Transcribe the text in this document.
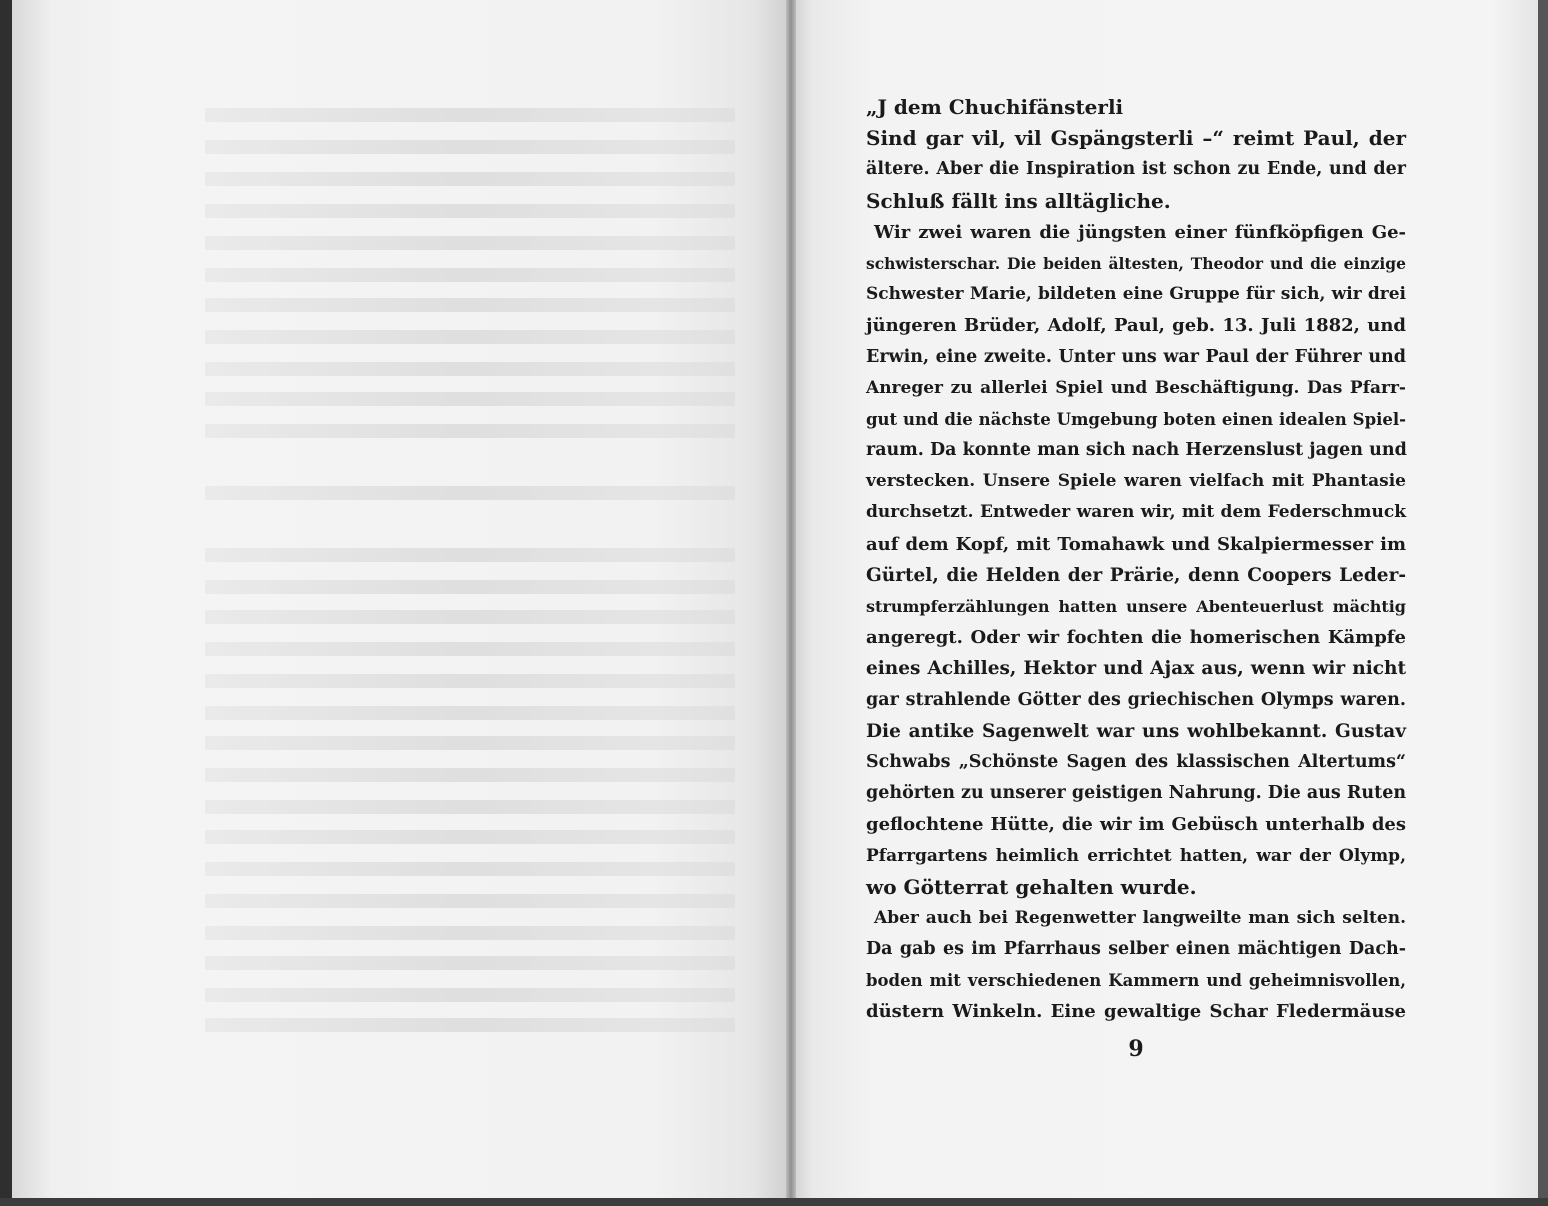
„J dem Chuchifänsterli
Sind gar vil, vil Gspängsterli –“ reimt Paul, der
ältere. Aber die Inspiration ist schon zu Ende, und der
Schluß fällt ins alltägliche.
Wir zwei waren die jüngsten einer fünfköpfigen Ge-
schwisterschar. Die beiden ältesten, Theodor und die einzige
Schwester Marie, bildeten eine Gruppe für sich, wir drei
jüngeren Brüder, Adolf, Paul, geb. 13. Juli 1882, und
Erwin, eine zweite. Unter uns war Paul der Führer und
Anreger zu allerlei Spiel und Beschäftigung. Das Pfarr-
gut und die nächste Umgebung boten einen idealen Spiel-
raum. Da konnte man sich nach Herzenslust jagen und
verstecken. Unsere Spiele waren vielfach mit Phantasie
durchsetzt. Entweder waren wir, mit dem Federschmuck
auf dem Kopf, mit Tomahawk und Skalpiermesser im
Gürtel, die Helden der Prärie, denn Coopers Leder-
strumpferzählungen hatten unsere Abenteuerlust mächtig
angeregt. Oder wir fochten die homerischen Kämpfe
eines Achilles, Hektor und Ajax aus, wenn wir nicht
gar strahlende Götter des griechischen Olymps waren.
Die antike Sagenwelt war uns wohlbekannt. Gustav
Schwabs „Schönste Sagen des klassischen Altertums“
gehörten zu unserer geistigen Nahrung. Die aus Ruten
geflochtene Hütte, die wir im Gebüsch unterhalb des
Pfarrgartens heimlich errichtet hatten, war der Olymp,
wo Götterrat gehalten wurde.
Aber auch bei Regenwetter langweilte man sich selten.
Da gab es im Pfarrhaus selber einen mächtigen Dach-
boden mit verschiedenen Kammern und geheimnisvollen,
düstern Winkeln. Eine gewaltige Schar Fledermäuse
9
